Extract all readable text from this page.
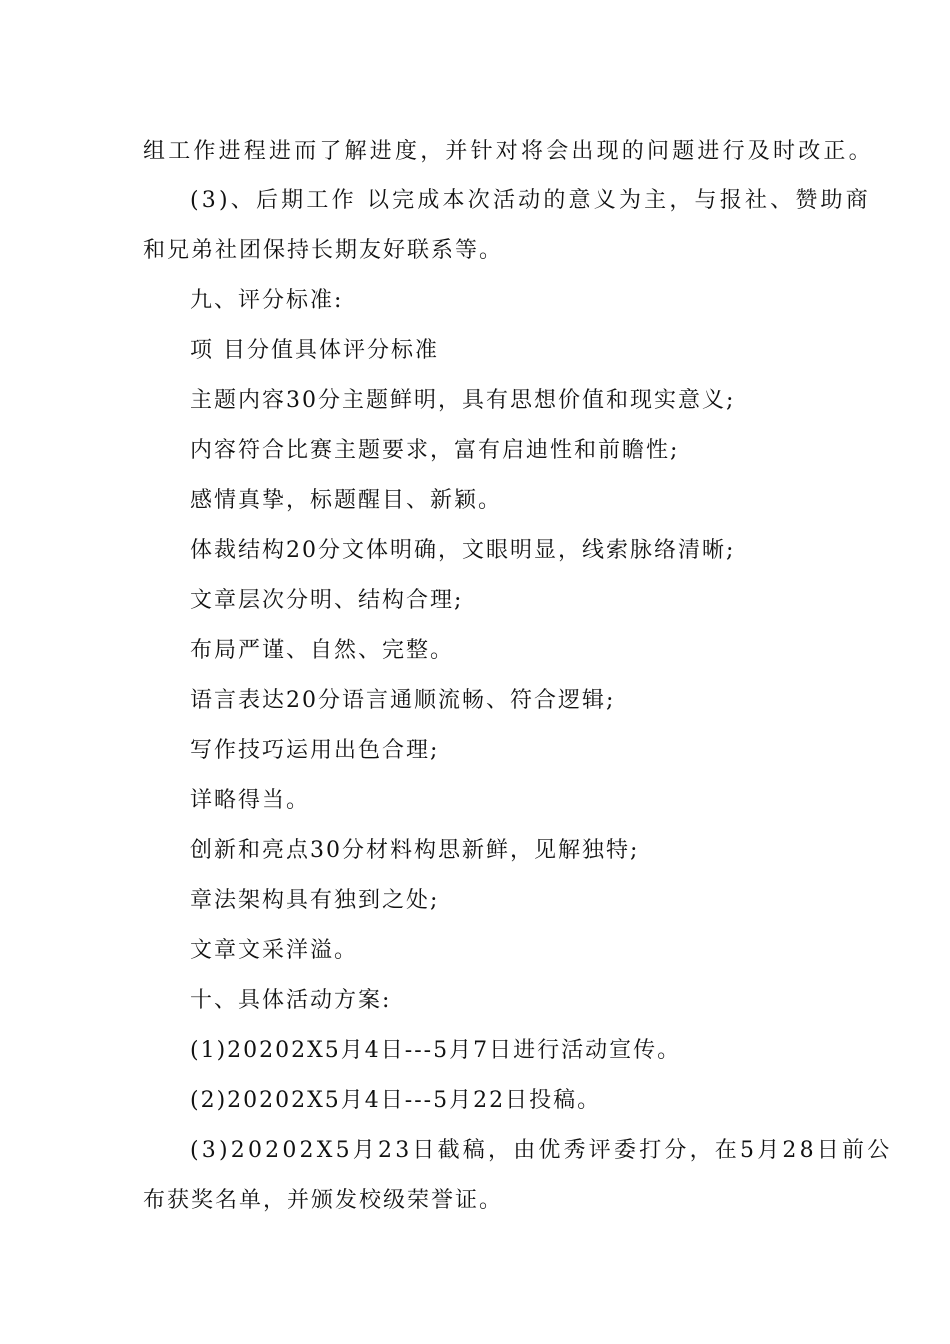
组工作进程进而了解进度，并针对将会出现的问题进行及时改正。
(3)、后期工作 以完成本次活动的意义为主，与报社、赞助商
和兄弟社团保持长期友好联系等。
九、评分标准:
项 目分值具体评分标准
主题内容30分主题鲜明，具有思想价值和现实意义;
内容符合比赛主题要求，富有启迪性和前瞻性;
感情真挚，标题醒目、新颖。
体裁结构20分文体明确，文眼明显，线索脉络清晰;
文章层次分明、结构合理;
布局严谨、自然、完整。
语言表达20分语言通顺流畅、符合逻辑;
写作技巧运用出色合理;
详略得当。
创新和亮点30分材料构思新鲜，见解独特;
章法架构具有独到之处;
文章文采洋溢。
十、具体活动方案:
(1)20202X5月4日---5月7日进行活动宣传。
(2)20202X5月4日---5月22日投稿。
(3)20202X5月23日截稿，由优秀评委打分，在5月28日前公
布获奖名单，并颁发校级荣誉证。
